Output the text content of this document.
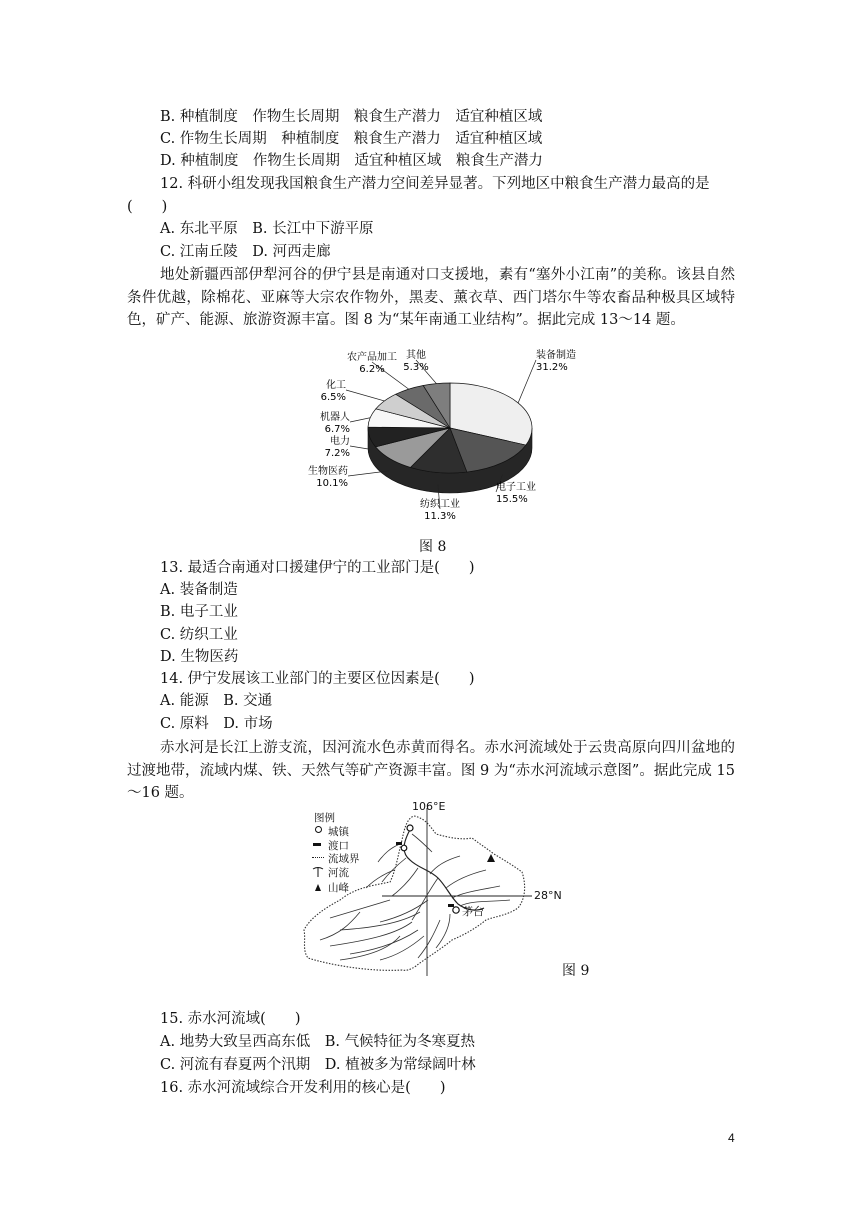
B. 种植制度　作物生长周期　粮食生产潜力　适宜种植区域
C. 作物生长周期　种植制度　粮食生产潜力　适宜种植区域
D. 种植制度　作物生长周期　适宜种植区域　粮食生产潜力
12. 科研小组发现我国粮食生产潜力空间差异显著。下列地区中粮食生产潜力最高的是
(　　)
A. 东北平原　B. 长江中下游平原
C. 江南丘陵　D. 河西走廊
地处新疆西部伊犁河谷的伊宁县是南通对口支援地，素有“塞外小江南”的美称。该县自然条件优越，除棉花、亚麻等大宗农作物外，黑麦、薰衣草、西门塔尔牛等农畜品种极具区域特色，矿产、能源、旅游资源丰富。图 8 为“某年南通工业结构”。据此完成 13～14 题。
装备制造
31.2%
电子工业
15.5%
纺织工业
11.3%
生物医药
10.1%
电力
7.2%
机器人
6.7%
化工
6.5%
农产品加工
6.2%
其他
5.3%
图 8
13. 最适合南通对口援建伊宁的工业部门是(　　)
A. 装备制造
B. 电子工业
C. 纺织工业
D. 生物医药
14. 伊宁发展该工业部门的主要区位因素是(　　)
A. 能源　B. 交通
C. 原料　D. 市场
赤水河是长江上游支流，因河流水色赤黄而得名。赤水河流域处于云贵高原向四川盆地的过渡地带，流域内煤、铁、天然气等矿产资源丰富。图 9 为“赤水河流域示意图”。据此完成 15～16 题。
图例
城镇
渡口
流域界
河流
山峰
106°E
28°N
茅台
图 9
15. 赤水河流域(　　)
A. 地势大致呈西高东低　B. 气候特征为冬寒夏热
C. 河流有春夏两个汛期　D. 植被多为常绿阔叶林
16. 赤水河流域综合开发利用的核心是(　　)
4
